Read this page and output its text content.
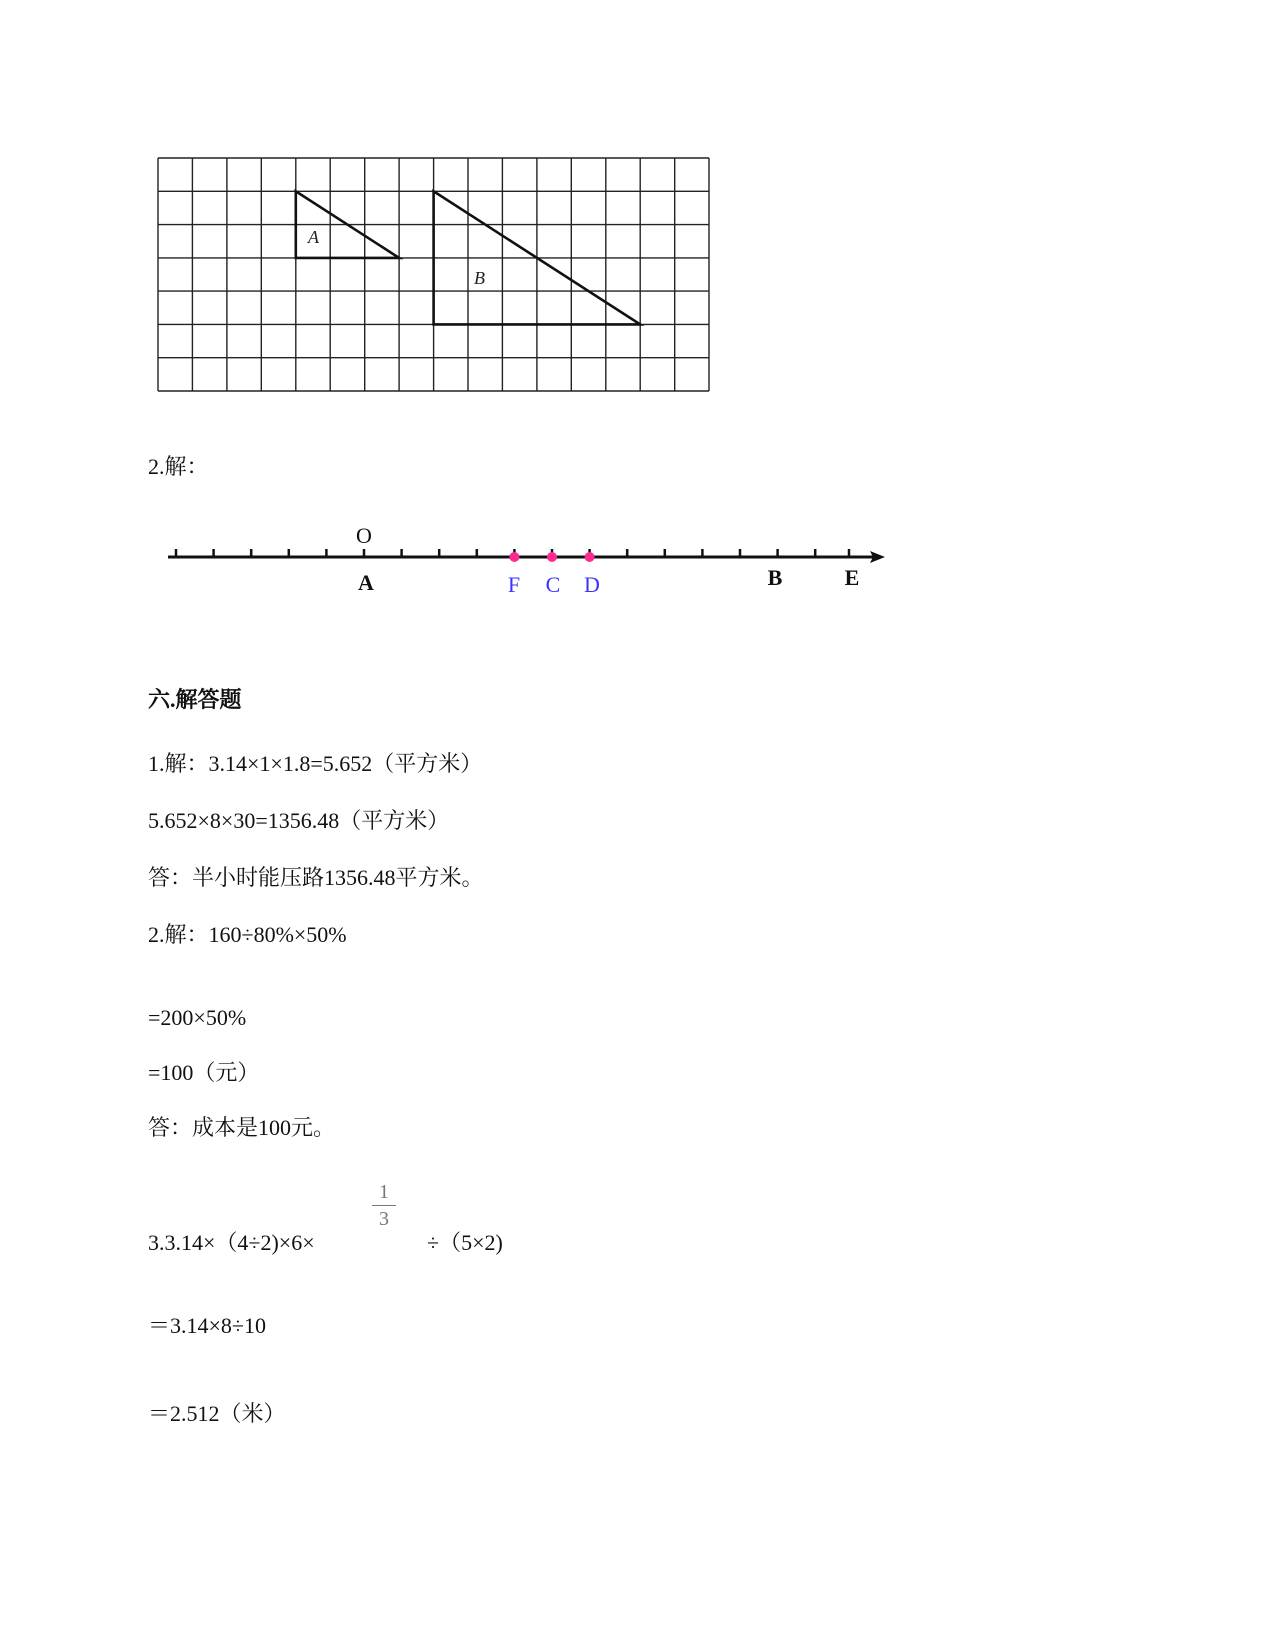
A
B
2.解：
O
A	F C D	B	E
六.解答题
1.解：3.14×1×1.8=5.652（平方米）
5.652×8×30=1356.48（平方米）
答：半小时能压路1356.48平方米。
2.解：160÷80%×50%
=200×50%
=100（元）
答：成本是100元。
3.3.14×（4÷2)×6×
1
3
÷（5×2)
＝3.14×8÷10
＝2.512（米）
